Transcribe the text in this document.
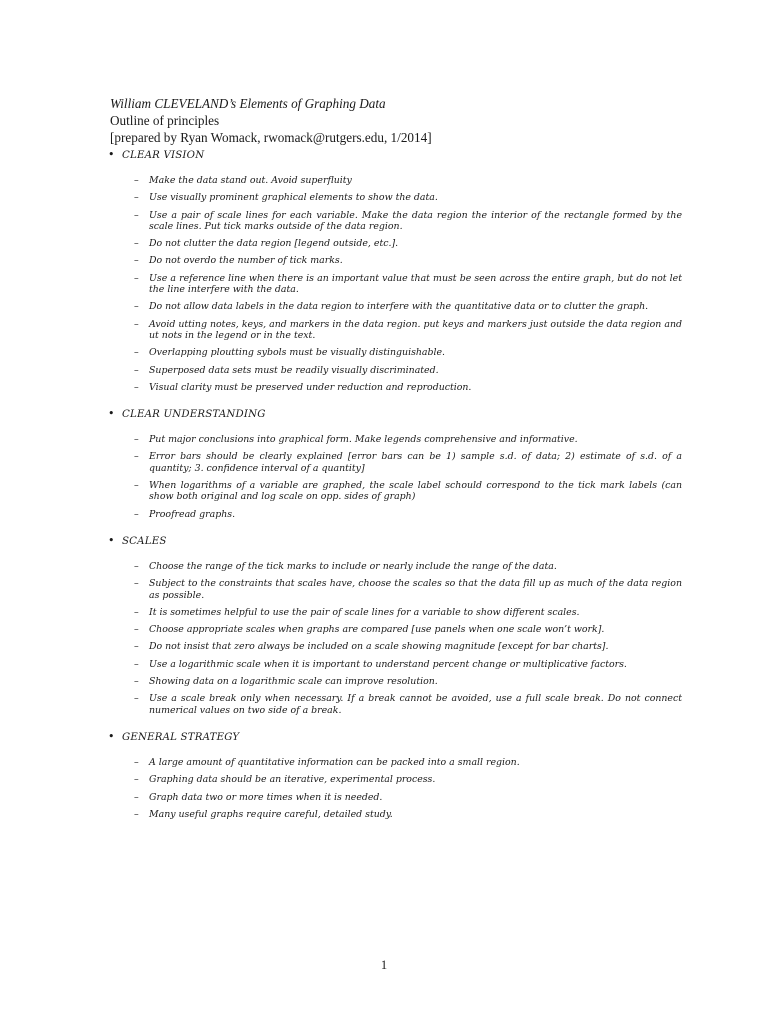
William CLEVELAND’s Elements of Graphing Data
Outline of principles
[prepared by Ryan Womack, rwomack@rutgers.edu, 1/2014]
• CLEAR VISION
– Make the data stand out. Avoid superfluity
– Use visually prominent graphical elements to show the data.
– Use a pair of scale lines for each variable. Make the data region the interior of the rectangle formed by the scale lines. Put tick marks outside of the data region.
– Do not clutter the data region [legend outside, etc.].
– Do not overdo the number of tick marks.
– Use a reference line when there is an important value that must be seen across the entire graph, but do not let the line interfere with the data.
– Do not allow data labels in the data region to interfere with the quantitative data or to clutter the graph.
– Avoid utting notes, keys, and markers in the data region. put keys and markers just outside the data region and ut nots in the legend or in the text.
– Overlapping ploutting sybols must be visually distinguishable.
– Superposed data sets must be readily visually discriminated.
– Visual clarity must be preserved under reduction and reproduction.
• CLEAR UNDERSTANDING
– Put major conclusions into graphical form. Make legends comprehensive and informative.
– Error bars should be clearly explained [error bars can be 1) sample s.d. of data; 2) estimate of s.d. of a quantity; 3. confidence interval of a quantity]
– When logarithms of a variable are graphed, the scale label schould correspond to the tick mark labels (can show both original and log scale on opp. sides of graph)
– Proofread graphs.
• SCALES
– Choose the range of the tick marks to include or nearly include the range of the data.
– Subject to the constraints that scales have, choose the scales so that the data fill up as much of the data region as possible.
– It is sometimes helpful to use the pair of scale lines for a variable to show different scales.
– Choose appropriate scales when graphs are compared [use panels when one scale won’t work].
– Do not insist that zero always be included on a scale showing magnitude [except for bar charts].
– Use a logarithmic scale when it is important to understand percent change or multiplicative factors.
– Showing data on a logarithmic scale can improve resolution.
– Use a scale break only when necessary. If a break cannot be avoided, use a full scale break. Do not connect numerical values on two side of a break.
• GENERAL STRATEGY
– A large amount of quantitative information can be packed into a small region.
– Graphing data should be an iterative, experimental process.
– Graph data two or more times when it is needed.
– Many useful graphs require careful, detailed study.
1
